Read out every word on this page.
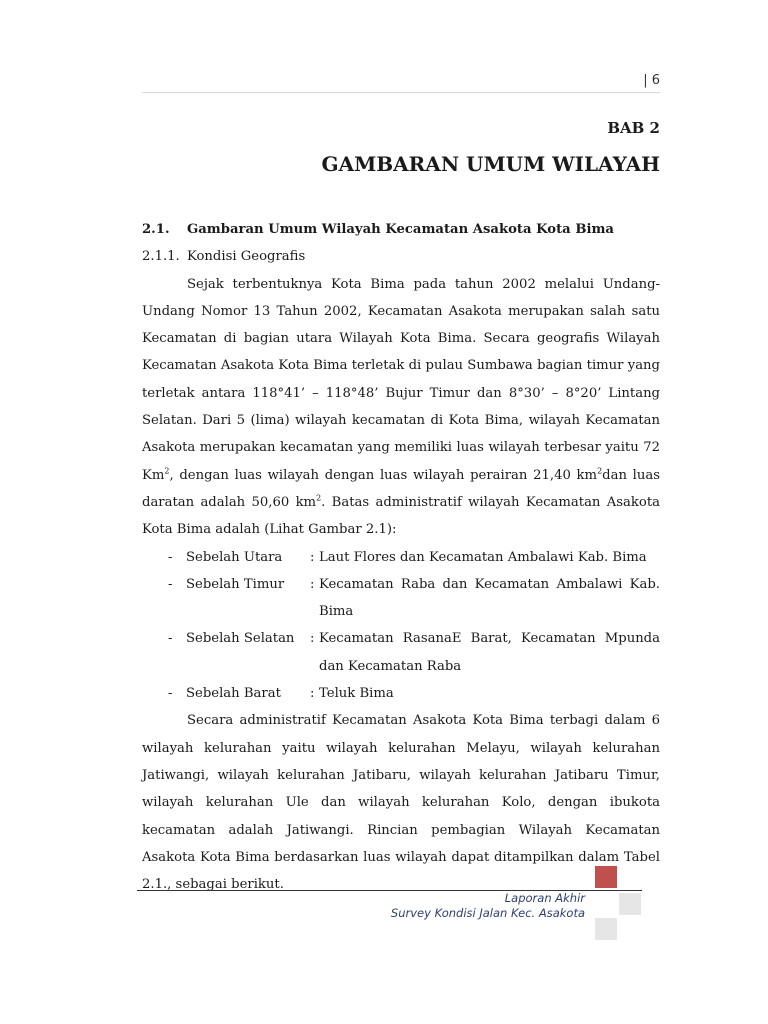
| 6
BAB 2
GAMBARAN UMUM WILAYAH
2.1.	Gambaran Umum Wilayah Kecamatan Asakota Kota Bima
2.1.1. Kondisi Geografis

Sejak terbentuknya Kota Bima pada tahun 2002 melalui Undang-Undang Nomor 13 Tahun 2002, Kecamatan Asakota merupakan salah satu Kecamatan di bagian utara Wilayah Kota Bima. Secara geografis Wilayah Kecamatan Asakota Kota Bima terletak di pulau Sumbawa bagian timur yang terletak antara 118°41’ – 118°48’ Bujur Timur dan 8°30’ – 8°20’ Lintang Selatan. Dari 5 (lima) wilayah kecamatan di Kota Bima, wilayah Kecamatan Asakota merupakan kecamatan yang memiliki luas wilayah terbesar yaitu 72 Km$^2$, dengan luas wilayah dengan luas wilayah perairan 21,40 $km^2dan$ luas daratan adalah 50,60 $km^2$. Batas administratif wilayah Kecamatan Asakota Kota Bima adalah (Lihat Gambar 2.1):

-	Sebelah Utara	: Laut Flores dan Kecamatan Ambalawi Kab. Bima
-	Sebelah Timur	: Kecamatan Raba dan Kecamatan Ambalawi Kab. Bima
-	Sebelah Selatan	: Kecamatan RasanaE Barat, Kecamatan Mpunda dan Kecamatan Raba
-	Sebelah Barat	: Teluk Bima

Secara administratif Kecamatan Asakota Kota Bima terbagi dalam 6 wilayah kelurahan yaitu wilayah kelurahan Melayu, wilayah kelurahan Jatiwangi, wilayah kelurahan Jatibaru, wilayah kelurahan Jatibaru Timur, wilayah kelurahan Ule dan wilayah kelurahan Kolo, dengan ibukota kecamatan adalah Jatiwangi. Rincian pembagian Wilayah Kecamatan Asakota Kota Bima berdasarkan luas wilayah dapat ditampilkan dalam Tabel 2.1., sebagai berikut.

Laporan Akhir
Survey Kondisi Jalan Kec. Asakota
